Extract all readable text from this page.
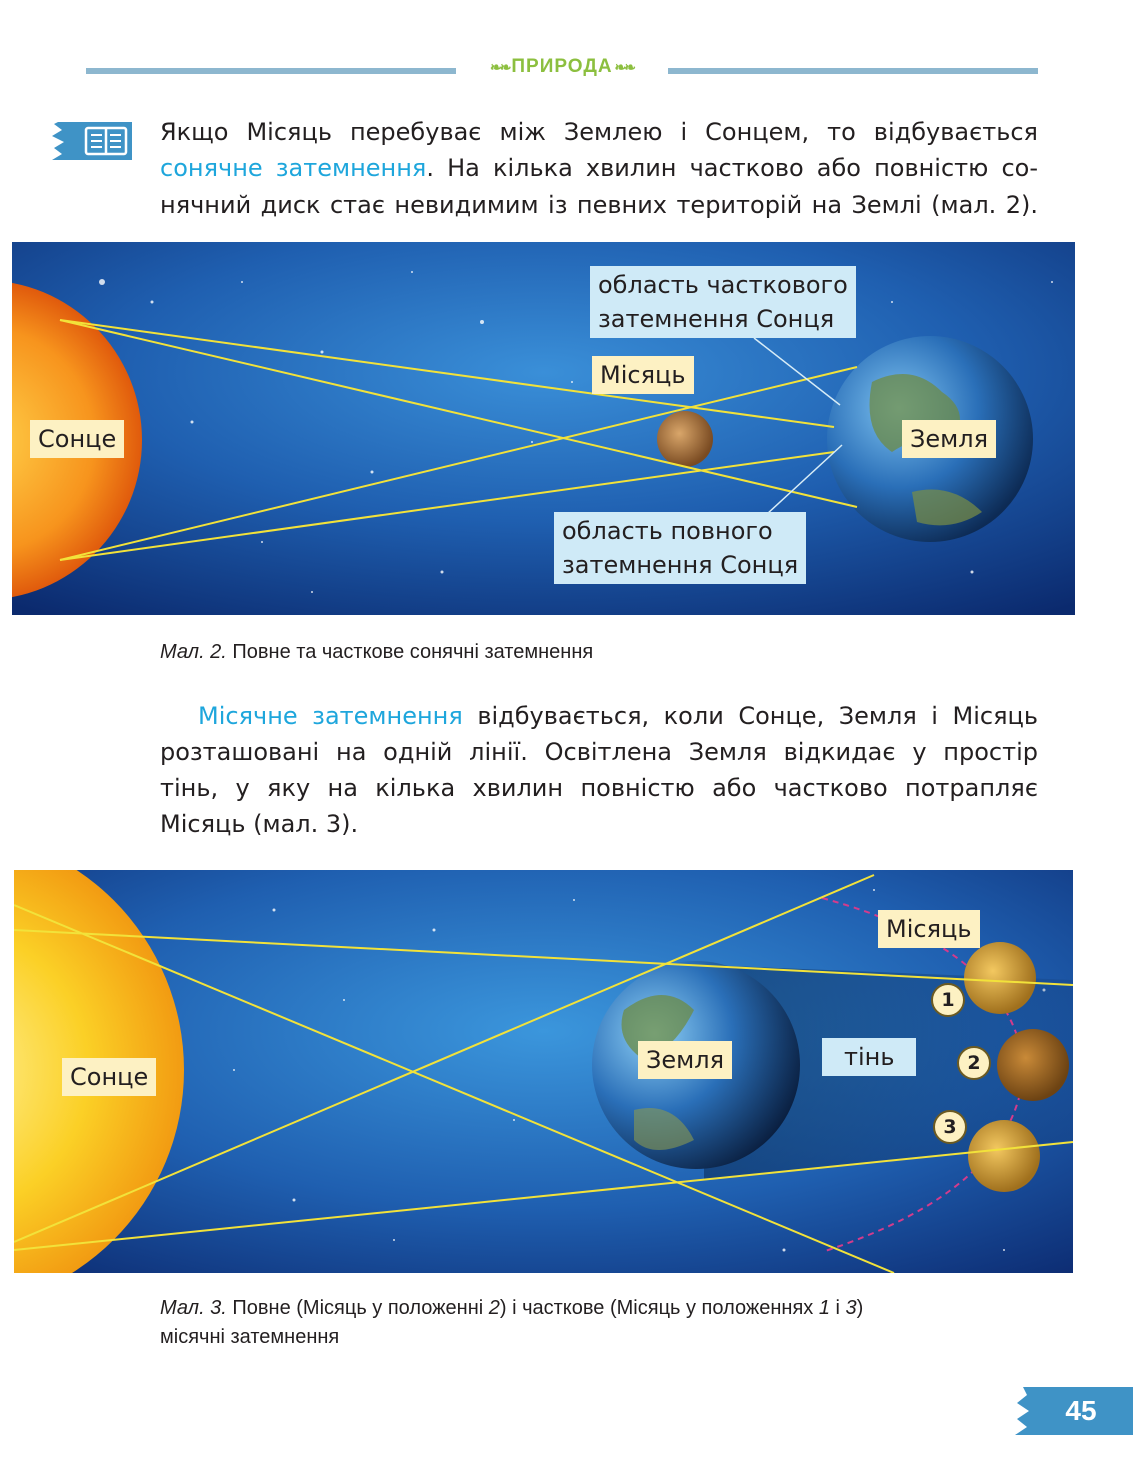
❧❧ ПРИРОДА ❧❧
Якщо Місяць перебуває між Землею і Сонцем, то відбувається
сонячне затемнення. На кілька хвилин частково або повністю со-
нячний диск стає невидимим із певних територій на Землі (мал. 2).
Сонце
Місяць
Земля
область часткового
затемнення Сонця
область повного
затемнення Сонця
Мал. 2. Повне та часткове сонячні затемнення
Місячне затемнення відбувається, коли Сонце, Земля і Місяць
розташовані на одній лінії. Освітлена Земля відкидає у простір
тінь, у яку на кілька хвилин повністю або частково потрапляє
Місяць (мал. 3).
Сонце
Земля	тінь
Місяць
1
2
3
Мал. 3. Повне (Місяць у положенні 2) і часткове (Місяць у положеннях 1 і 3)
місячні затемнення
45
